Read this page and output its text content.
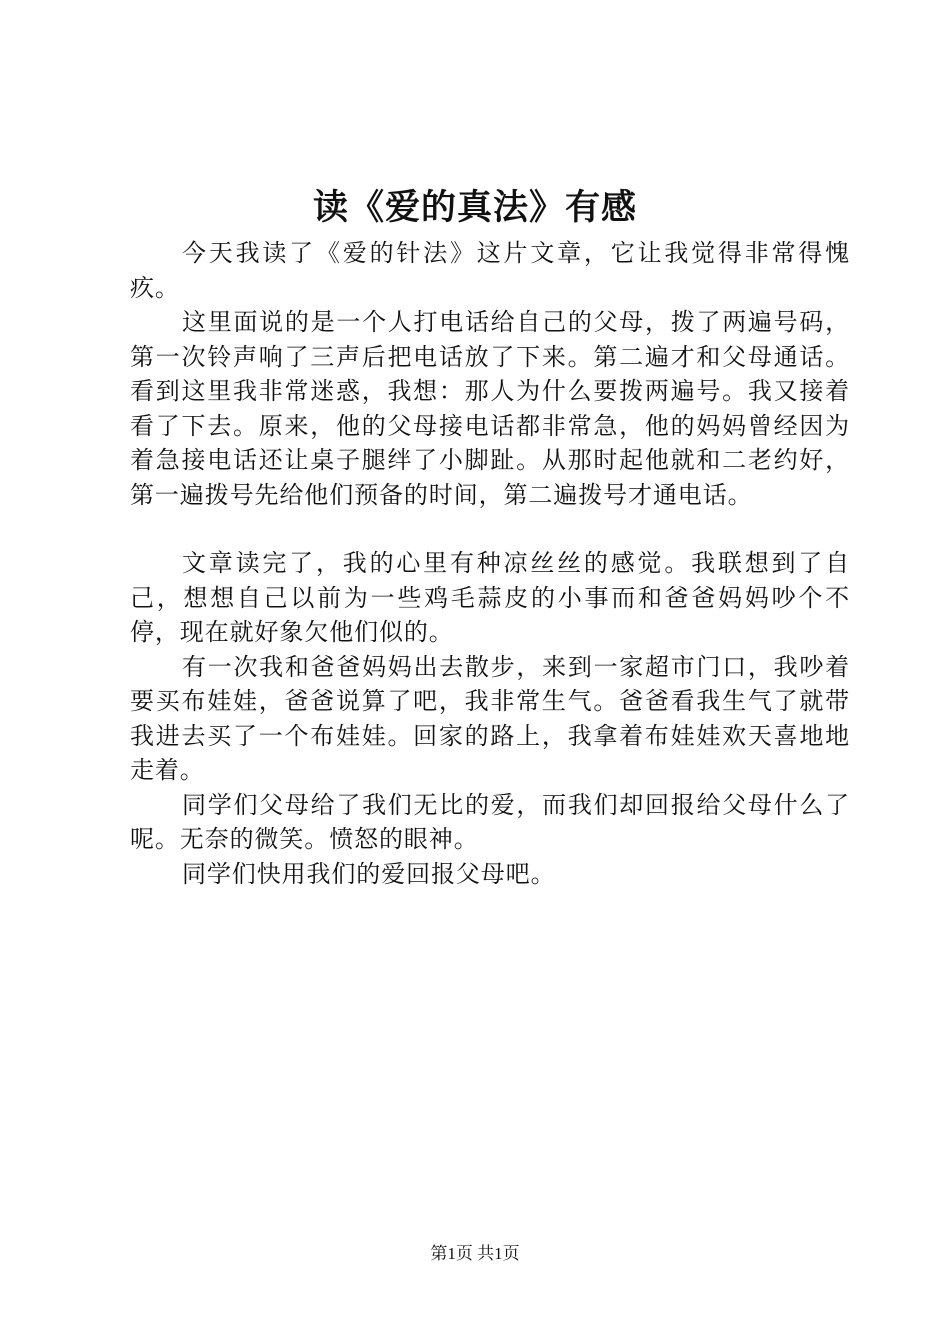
读《爱的真法》有感

今天我读了《爱的针法》这片文章，它让我觉得非常得愧疚。

这里面说的是一个人打电话给自己的父母，拨了两遍号码，第一次铃声响了三声后把电话放了下来。第二遍才和父母通话。看到这里我非常迷惑，我想：那人为什么要拨两遍号。我又接着看了下去。原来，他的父母接电话都非常急，他的妈妈曾经因为着急接电话还让桌子腿绊了小脚趾。从那时起他就和二老约好，第一遍拨号先给他们预备的时间，第二遍拨号才通电话。

文章读完了，我的心里有种凉丝丝的感觉。我联想到了自己，想想自己以前为一些鸡毛蒜皮的小事而和爸爸妈妈吵个不停，现在就好象欠他们似的。

有一次我和爸爸妈妈出去散步，来到一家超市门口，我吵着要买布娃娃，爸爸说算了吧，我非常生气。爸爸看我生气了就带我进去买了一个布娃娃。回家的路上，我拿着布娃娃欢天喜地地走着。

同学们父母给了我们无比的爱，而我们却回报给父母什么了呢。无奈的微笑。愤怒的眼神。

同学们快用我们的爱回报父母吧。

第1页 共1页
